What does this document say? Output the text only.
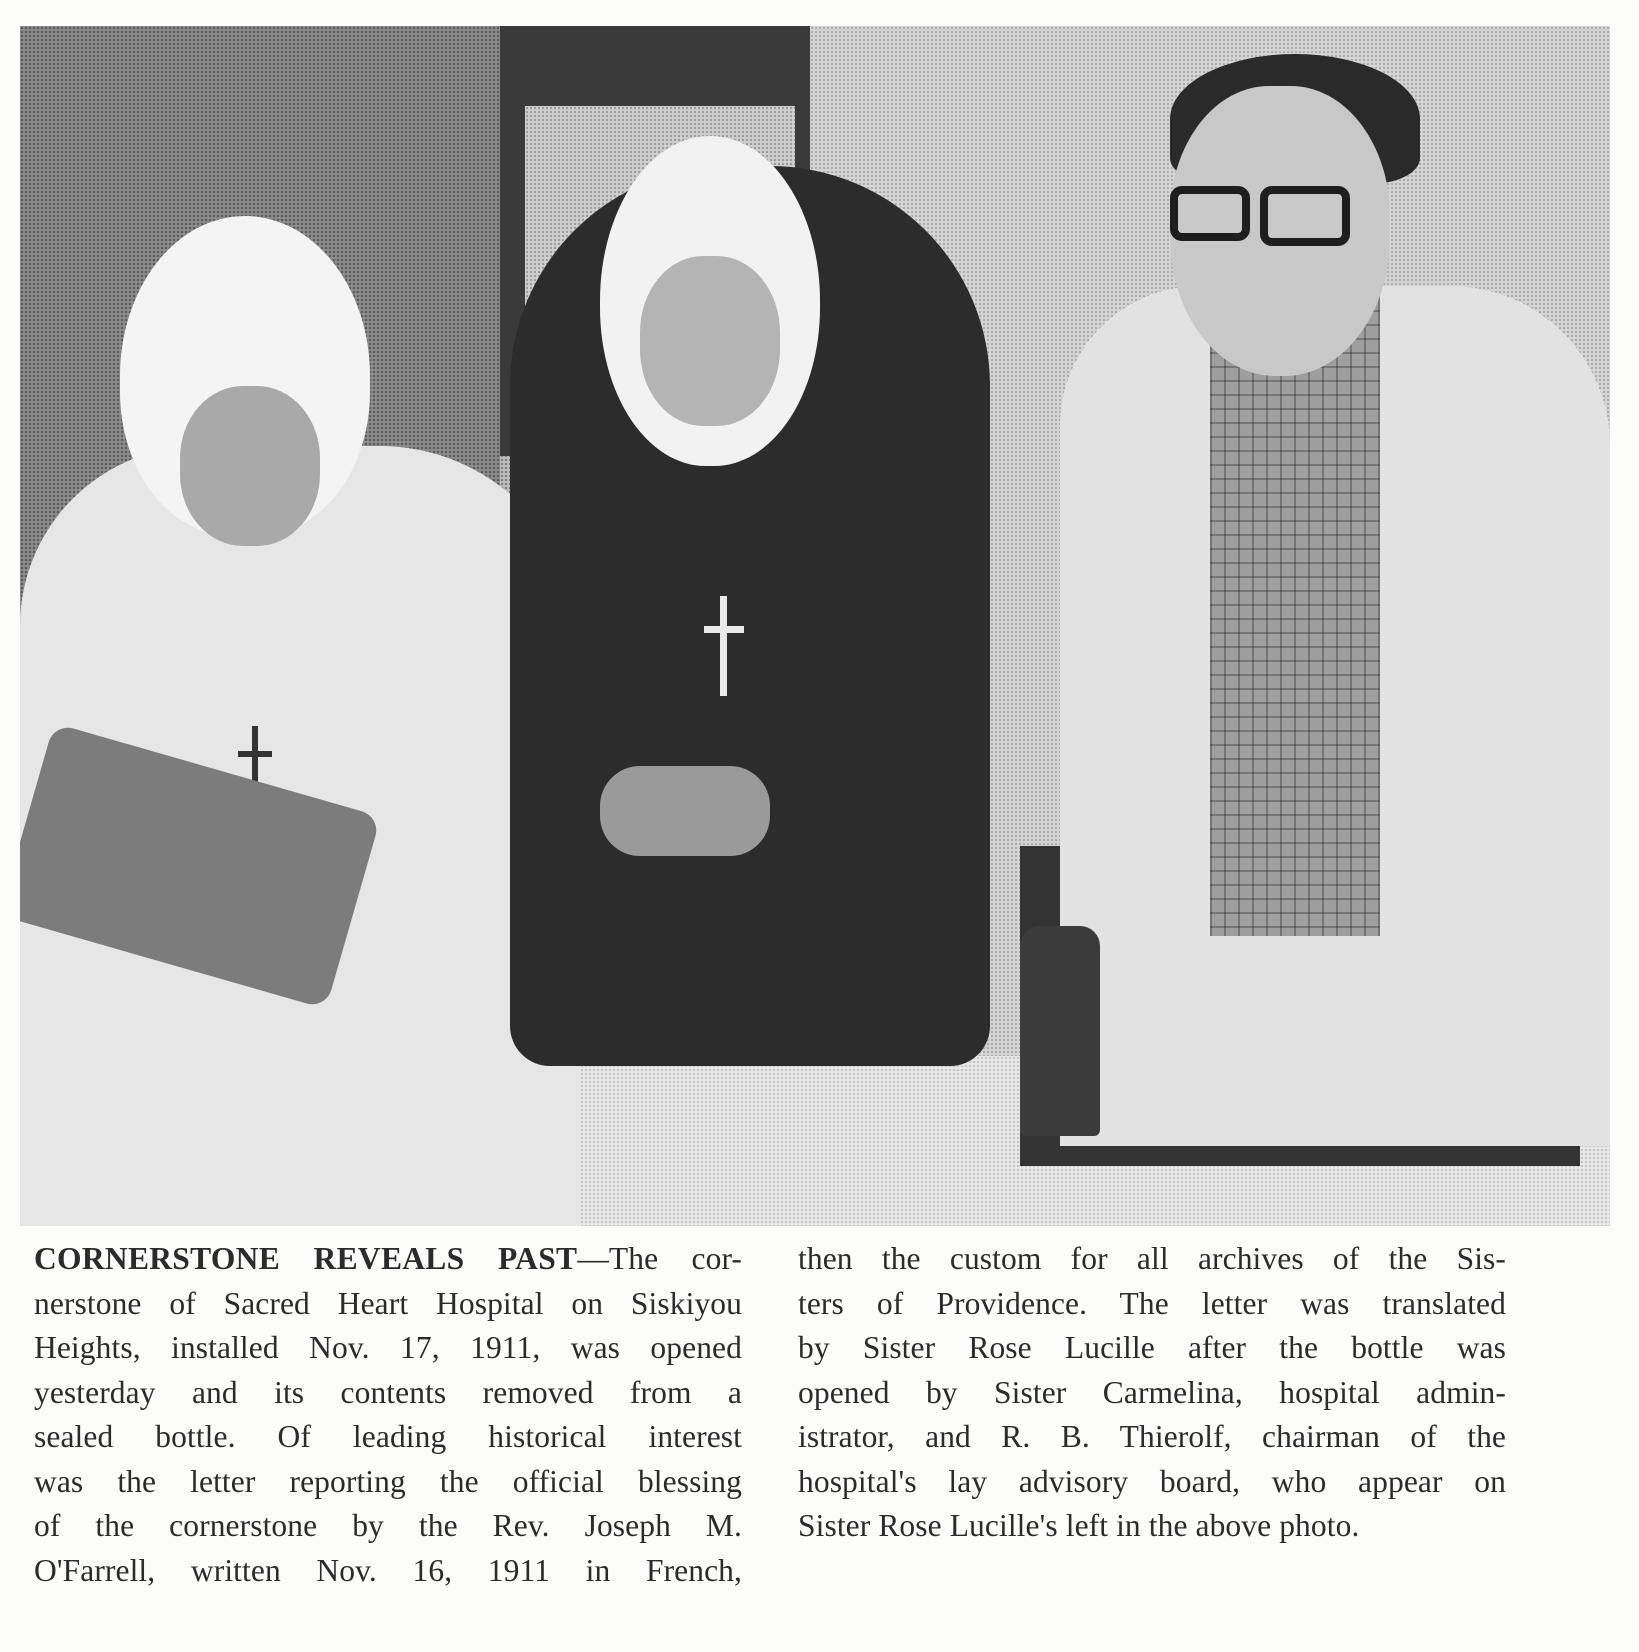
CORNERSTONE REVEALS PAST—The cor-
nerstone of Sacred Heart Hospital on Siskiyou
Heights, installed Nov. 17, 1911, was opened
yesterday and its contents removed from a
sealed bottle. Of leading historical interest
was the letter reporting the official blessing
of the cornerstone by the Rev. Joseph M.
O'Farrell, written Nov. 16, 1911 in French,
then the custom for all archives of the Sis-
ters of Providence. The letter was translated
by Sister Rose Lucille after the bottle was
opened by Sister Carmelina, hospital admin-
istrator, and R. B. Thierolf, chairman of the
hospital's lay advisory board, who appear on
Sister Rose Lucille's left in the above photo.
